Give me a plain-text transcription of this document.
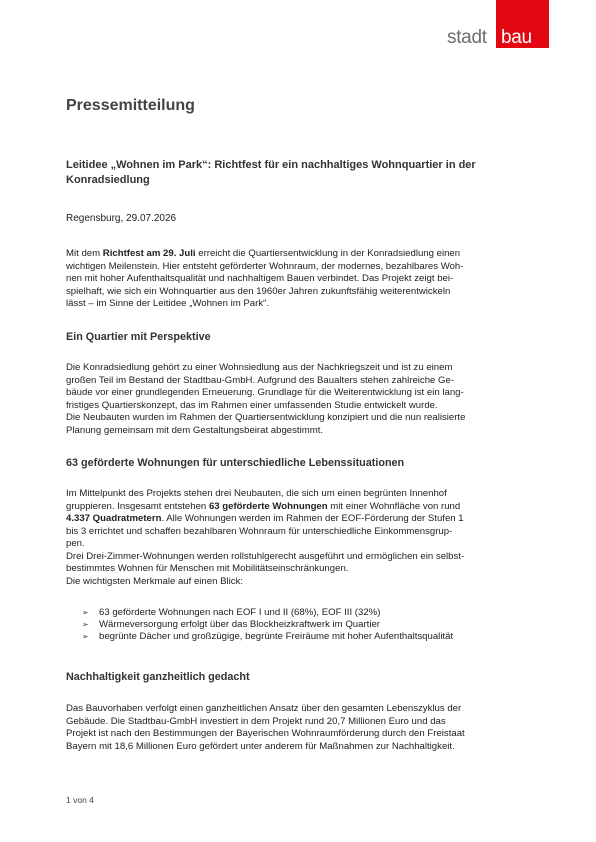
stadt bau
Pressemitteilung
Leitidee „Wohnen im Park“: Richtfest für ein nachhaltiges Wohnquartier in der Konradsiedlung
Regensburg, 29.07.2026
Mit dem Richtfest am 29. Juli erreicht die Quartiersentwicklung in der Konradsiedlung einen
wichtigen Meilenstein. Hier entsteht geförderter Wohnraum, der modernes, bezahlbares Woh-
nen mit hoher Aufenthaltsqualität und nachhaltigem Bauen verbindet. Das Projekt zeigt bei-
spielhaft, wie sich ein Wohnquartier aus den 1960er Jahren zukunftsfähig weiterentwickeln
lässt – im Sinne der Leitidee „Wohnen im Park“.
Ein Quartier mit Perspektive
Die Konradsiedlung gehört zu einer Wohnsiedlung aus der Nachkriegszeit und ist zu einem
großen Teil im Bestand der Stadtbau-GmbH. Aufgrund des Baualters stehen zahlreiche Ge-
bäude vor einer grundlegenden Erneuerung. Grundlage für die Weiterentwicklung ist ein lang-
fristiges Quartierskonzept, das im Rahmen einer umfassenden Studie entwickelt wurde.
Die Neubauten wurden im Rahmen der Quartiersentwicklung konzipiert und die nun realisierte
Planung gemeinsam mit dem Gestaltungsbeirat abgestimmt.
63 geförderte Wohnungen für unterschiedliche Lebenssituationen
Im Mittelpunkt des Projekts stehen drei Neubauten, die sich um einen begrünten Innenhof
gruppieren. Insgesamt entstehen 63 geförderte Wohnungen mit einer Wohnfläche von rund
4.337 Quadratmetern. Alle Wohnungen werden im Rahmen der EOF-Förderung der Stufen 1
bis 3 errichtet und schaffen bezahlbaren Wohnraum für unterschiedliche Einkommensgrup-
pen.
Drei Drei-Zimmer-Wohnungen werden rollstuhlgerecht ausgeführt und ermöglichen ein selbst-
bestimmtes Wohnen für Menschen mit Mobilitätseinschränkungen.
Die wichtigsten Merkmale auf einen Blick:
➢	63 geförderte Wohnungen nach EOF I und II (68%), EOF III (32%)
➢	Wärmeversorgung erfolgt über das Blockheizkraftwerk im Quartier
➢	begrünte Dächer und großzügige, begrünte Freiräume mit hoher Aufenthaltsqualität
Nachhaltigkeit ganzheitlich gedacht
Das Bauvorhaben verfolgt einen ganzheitlichen Ansatz über den gesamten Lebenszyklus der
Gebäude. Die Stadtbau-GmbH investiert in dem Projekt rund 20,7 Millionen Euro und das
Projekt ist nach den Bestimmungen der Bayerischen Wohnraumförderung durch den Freistaat
Bayern mit 18,6 Millionen Euro gefördert unter anderem für Maßnahmen zur Nachhaltigkeit.
1 von 4
